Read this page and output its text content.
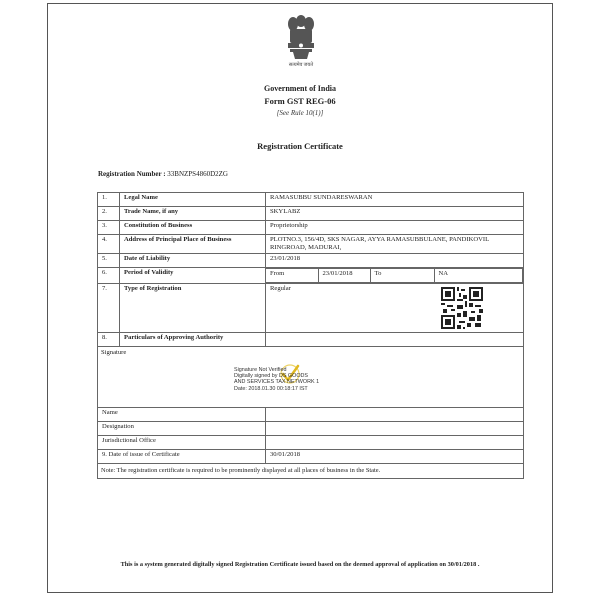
सत्यमेव जयते
Government of India
Form GST REG-06
[See Rule 10(1)]
Registration Certificate
Registration Number : 33BNZPS4860D2ZG
1.	Legal Name	RAMASUBBU SUNDARESWARAN
2.	Trade Name, if any	SKYLABZ
3.	Constitution of Business	Proprietorship
4.	Address of Principal Place of Business	PLOTNO.3, 156/4D, SKS NAGAR, AYYA RAMASUBBULANE, PANDIKOVIL RINGROAD, MADURAI,
5.	Date of Liability	23/01/2018
6.	Period of Validity		From	23/01/2018	To	NA

7.	Type of Registration	Regular

8.	Particulars of Approving Authority	

Signature
Signature Not Verified
Digitally signed by DS GOODS
AND SERVICES TAX NETWORK 1
Date: 2018.01.30 00:18:17 IST

Name	
Designation	
Jurisdictional Office	
9. Date of issue of Certificate	30/01/2018
Note: The registration certificate is required to be prominently displayed at all places of business in the State.
This is a system generated digitally signed Registration Certificate issued based on the deemed approval of application on 30/01/2018 .
